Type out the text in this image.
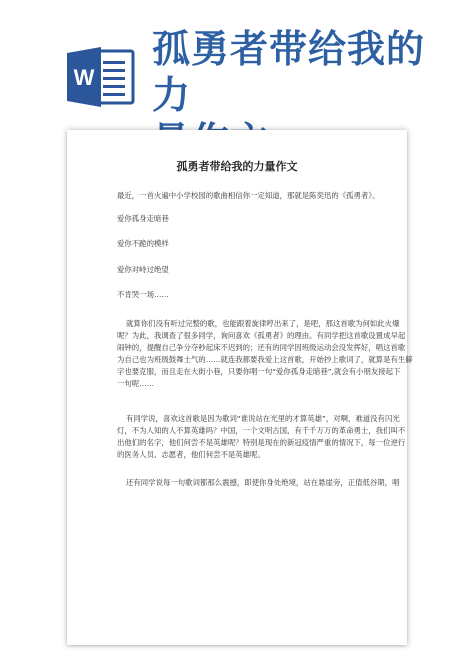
W
孤勇者带给我的力
孤勇者带给我的力量作文

最近，一首火遍中小学校园的歌曲相信你一定知道，那就是陈奕迅的《孤勇者》。

爱你孤身走暗巷
爱你不跪的模样
爱你对峙过绝望
不肯哭一场……

就算你们没有听过完整的歌，也能跟着旋律哼出来了，是吧，那这首歌为何如此火爆

呢？为此，我调查了很多同学，询问喜欢《孤勇者》的理由。有同学把这首歌设置成早起

闹钟的，提醒自己争分夺秒起床不迟到的；还有的同学因班级运动会没发挥好，唱这首歌

为自己也为班级鼓舞士气的……就连我都要我爱上这首歌，开始抄上歌词了，就算是有生僻

字也要克服，而且走在大街小巷，只要你唱一句“爱你孤身走暗巷”,就会有小朋友接起下

一句呢……

有同学说，喜欢这首歌是因为歌词“谁说站在光里的才算英雄”，对啊，难道没有闪光

灯，不为人知的人不算英雄吗？中国，一个文明古国，有千千万万的革命勇士，我们叫不

出他们的名字，他们何尝不是英雄呢？特别是现在的新冠疫情严重的情况下，每一位逆行

的医务人员、志愿者，他们何尝不是英雄呢。

还有同学说每一句歌词都那么震撼，即使你身处绝境，站在悬崖旁，正值低谷期，唱
